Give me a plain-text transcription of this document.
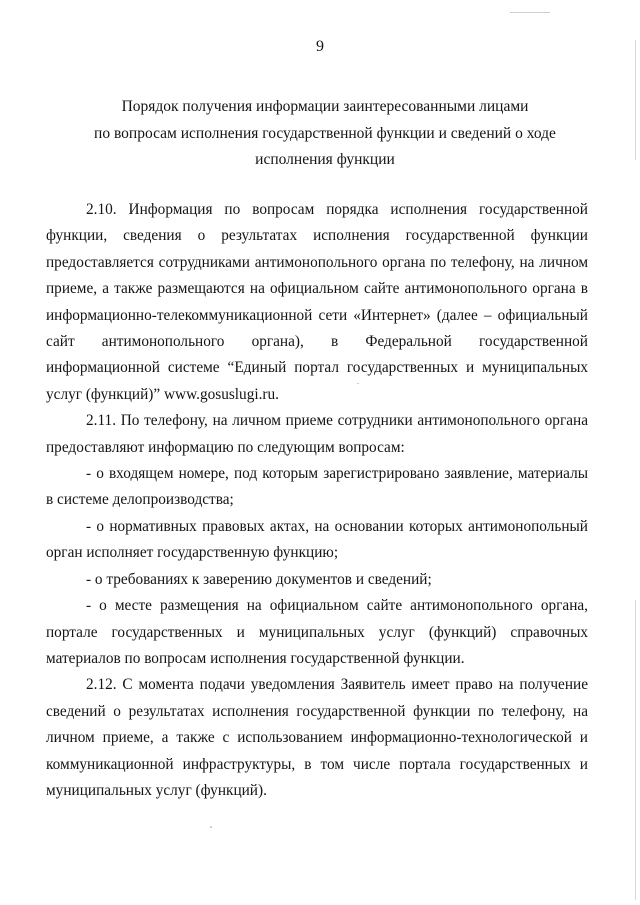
9
Порядок получения информации заинтересованными лицами
по вопросам исполнения государственной функции и сведений о ходе
исполнения функции

2.10. Информация по вопросам порядка исполнения государственной функции, сведения о результатах исполнения государственной функции предоставляется сотрудниками антимонопольного органа по телефону, на личном приеме, а также размещаются на официальном сайте антимонопольного органа в информационно-телекоммуникационной сети «Интернет» (далее – официальный сайт антимонопольного органа), в Федеральной государственной информационной системе “Единый портал государственных и муниципальных услуг (функций)” www.gosuslugi.ru.

2.11. По телефону, на личном приеме сотрудники антимонопольного органа предоставляют информацию по следующим вопросам:

- о входящем номере, под которым зарегистрировано заявление, материалы в системе делопроизводства;

- о нормативных правовых актах, на основании которых антимонопольный орган исполняет государственную функцию;

- о требованиях к заверению документов и сведений;

- о месте размещения на официальном сайте антимонопольного органа, портале государственных и муниципальных услуг (функций) справочных материалов по вопросам исполнения государственной функции.

2.12. С момента подачи уведомления Заявитель имеет право на получение сведений о результатах исполнения государственной функции по телефону, на личном приеме, а также с использованием информационно-технологической и коммуникационной инфраструктуры, в том числе портала государственных и муниципальных услуг (функций).
